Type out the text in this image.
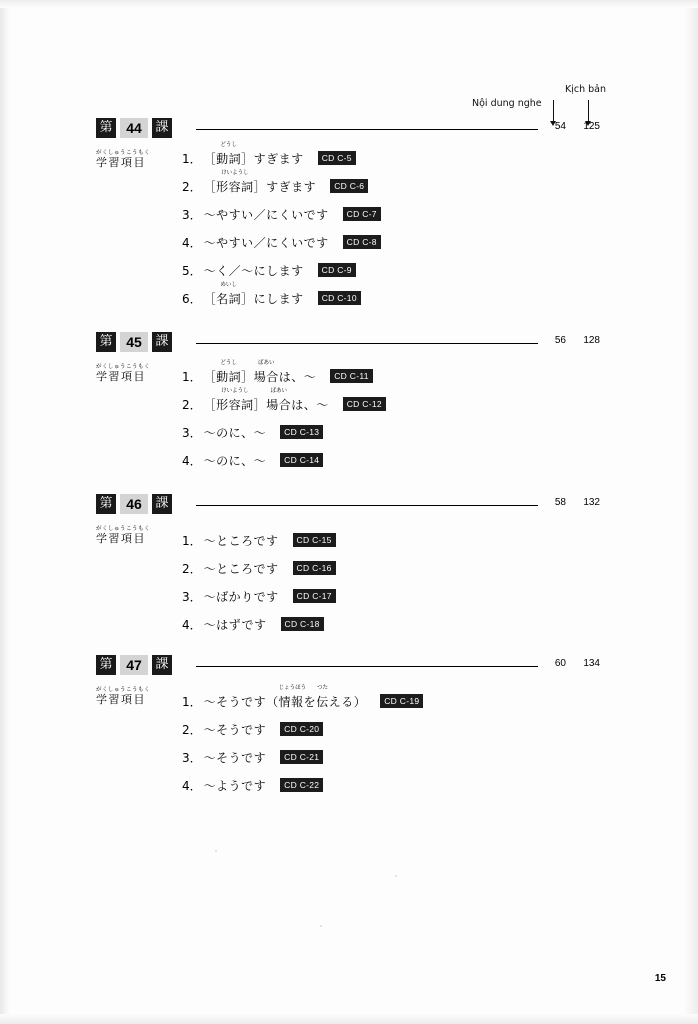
Nội dung nghe
Kịch bản
第 44	課	54	125
がくしゅうこうもく
学習項目	1． ［
どうし
動詞］すぎます	CD C-5
2． ［
けいようし
形容詞］すぎます	CD C-6
3． ～やすい／にくいです	CD C-7
4． ～やすい／にくいです	CD C-8
5． ～く／～にします	CD C-9
6． ［
めいし
名詞］にします	CD C-10
第 45	課	56	128
がくしゅうこうもく
学習項目	1． ［
どうし
動詞］
ばあい
場合は、～	CD C-11
2． ［
けいようし
形容詞］
ばあい
場合は、～	CD C-12
3． ～のに、～	CD C-13
4． ～のに、～	CD C-14
第 46	課	58	132
がくしゅうこうもく
学習項目	1． ～ところです	CD C-15
2． ～ところです	CD C-16
3． ～ばかりです	CD C-17
4． ～はずです	CD C-18
第 47	課	60	134
がくしゅうこうもく
学習項目	1． ～そうです（
じょうほう
情報を
つた
伝える）	CD C-19
2． ～そうです	CD C-20
3． ～そうです	CD C-21
4． ～ようです	CD C-22
15
